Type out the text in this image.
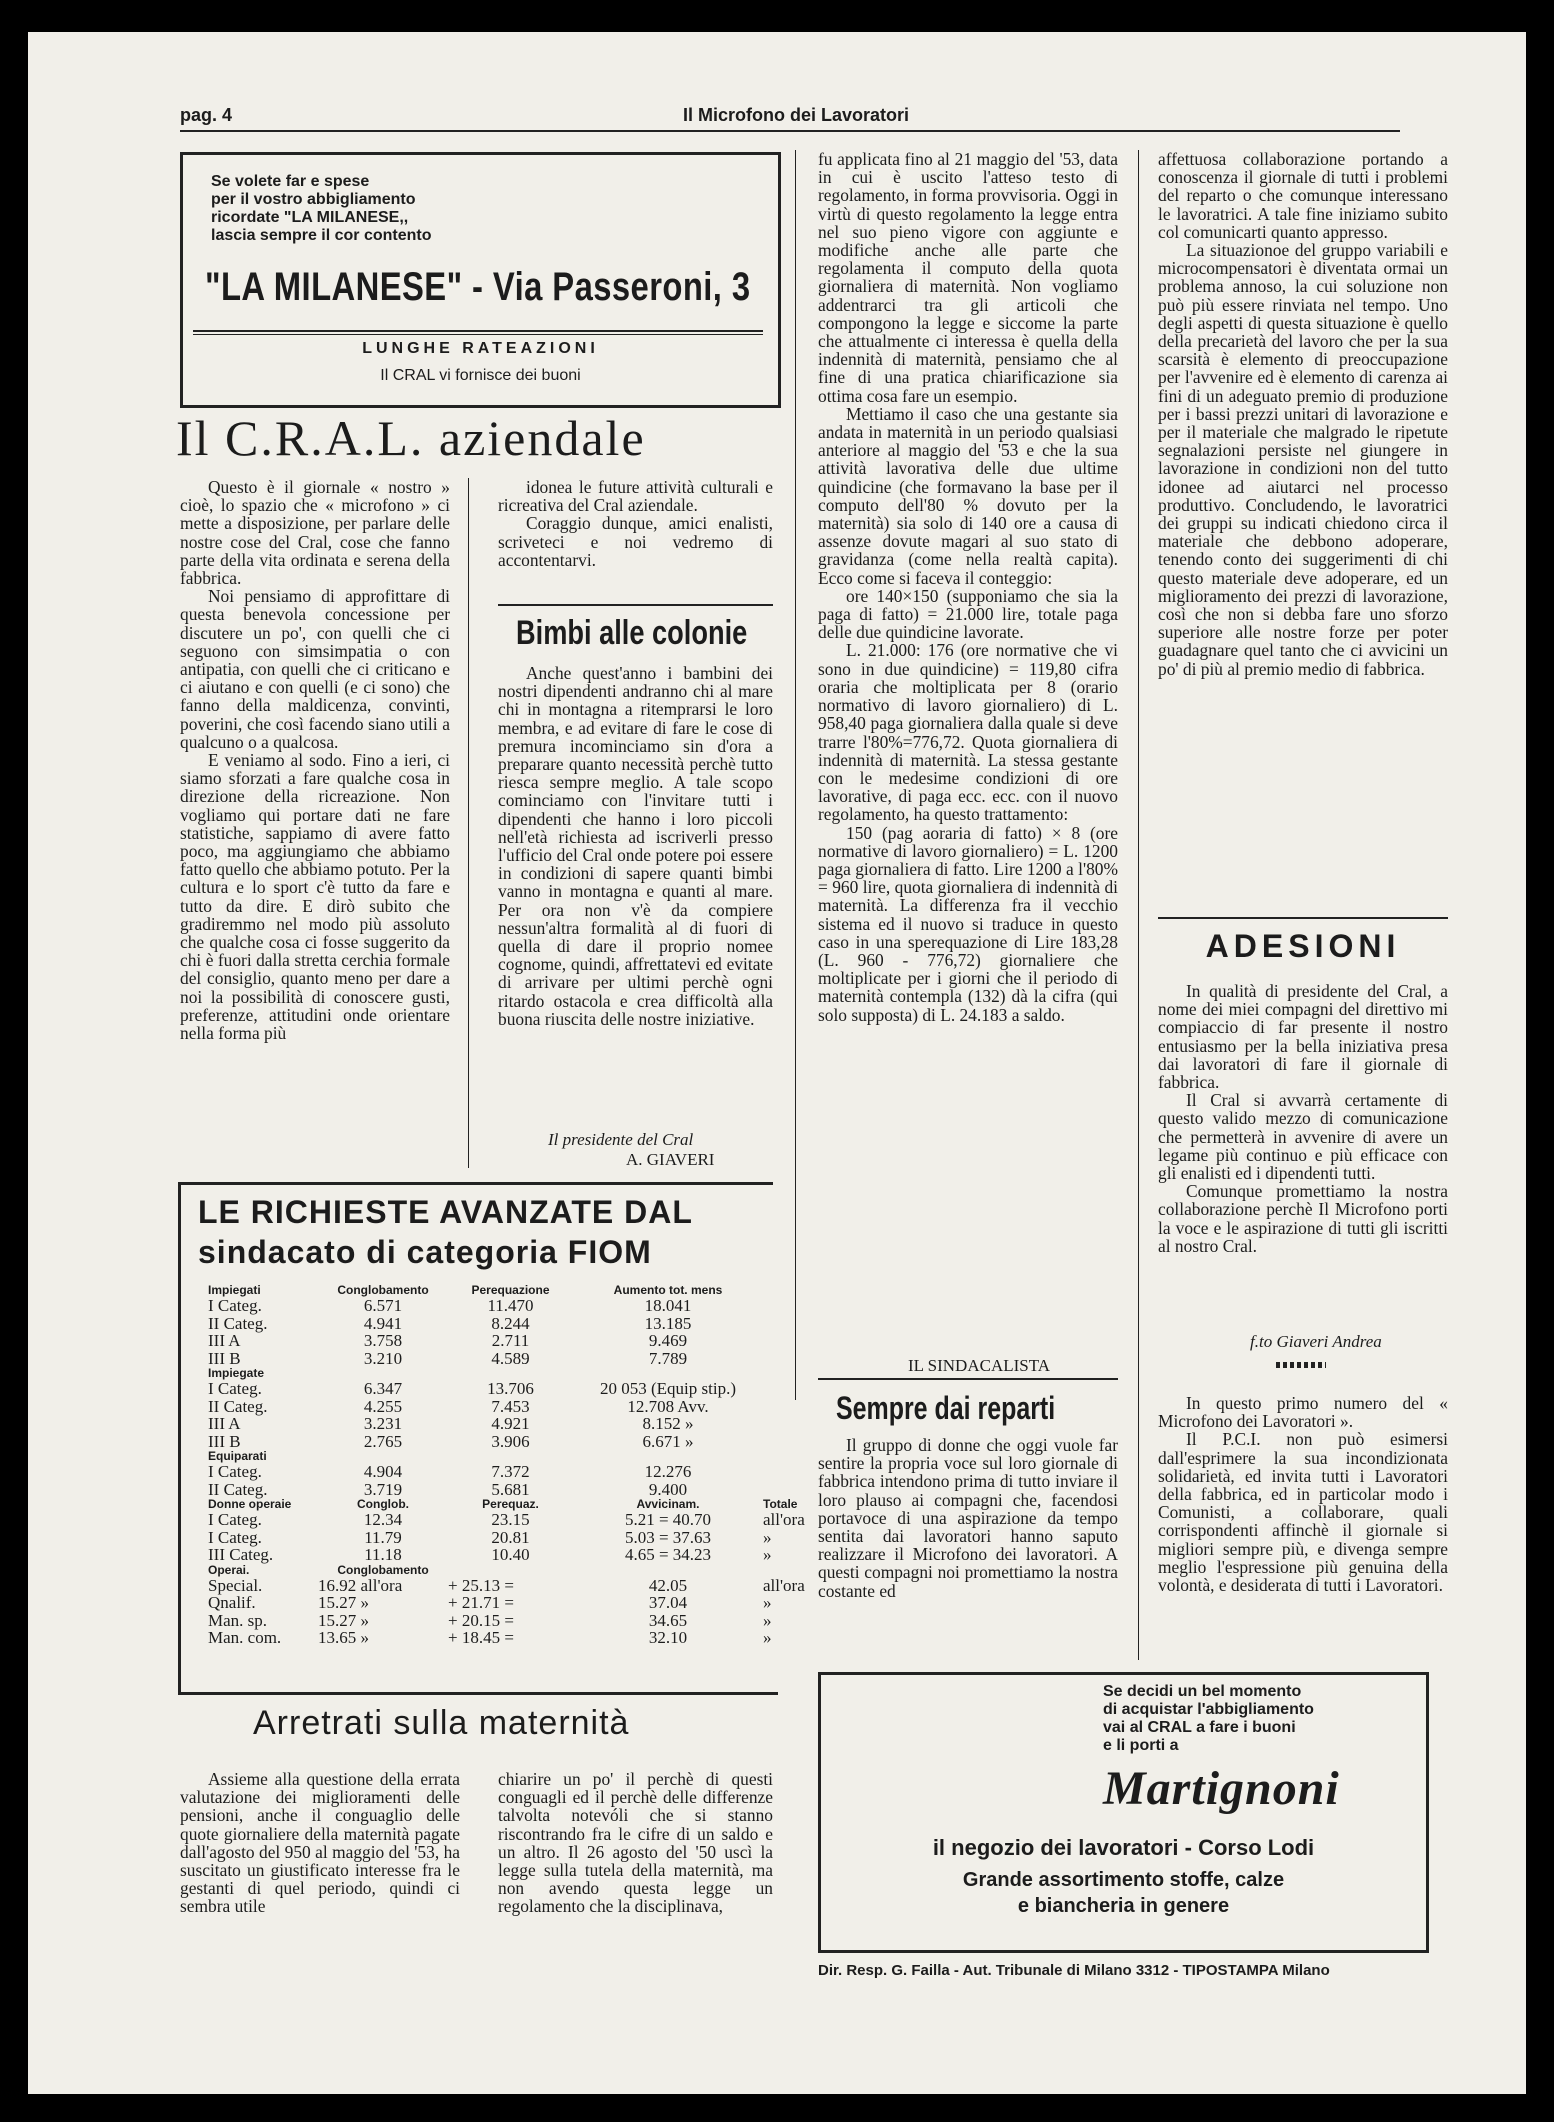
pag. 4	Il Microfono dei Lavoratori
Se volete far e spese
per il vostro abbigliamento
ricordate "LA MILANESE,,
lascia sempre il cor contento
"LA MILANESE" - Via Passeroni, 3
LUNGHE RATEAZIONI
Il CRAL vi fornisce dei buoni
Il C.R.A.L. aziendale

Questo è il giornale « nostro » cioè, lo spazio che « microfono » ci mette a disposizione, per parlare delle nostre cose del Cral, cose che fanno parte della vita ordinata e serena della fabbrica.

Noi pensiamo di approfittare di questa benevola concessione per discutere un po', con quelli che ci seguono con simsimpatia o con antipatia, con quelli che ci criticano e ci aiutano e con quelli (e ci sono) che fanno della maldicenza, convinti, poverini, che così facendo siano utili a qualcuno o a qualcosa.

E veniamo al sodo. Fino a ieri, ci siamo sforzati a fare qualche cosa in direzione della ricreazione. Non vogliamo qui portare dati ne fare statistiche, sappiamo di avere fatto poco, ma aggiungiamo che abbiamo fatto quello che abbiamo potuto. Per la cultura e lo sport c'è tutto da fare e tutto da dire. E dirò subito che gradiremmo nel modo più assoluto che qualche cosa ci fosse suggerito da chi è fuori dalla stretta cerchia formale del consiglio, quanto meno per dare a noi la possibilità di conoscere gusti, preferenze, attitudini onde orientare nella forma più

idonea le future attività culturali e ricreativa del Cral aziendale.

Coraggio dunque, amici enalisti, scriveteci e noi vedremo di accontentarvi.

Bimbi alle colonie

Anche quest'anno i bambini dei nostri dipendenti andranno chi al mare chi in montagna a ritemprarsi le loro membra, e ad evitare di fare le cose di premura incominciamo sin d'ora a preparare quanto necessità perchè tutto riesca sempre meglio. A tale scopo cominciamo con l'invitare tutti i dipendenti che hanno i loro piccoli nell'età richiesta ad iscriverli presso l'ufficio del Cral onde potere poi essere in condizioni di sapere quanti bimbi vanno in montagna e quanti al mare. Per ora non v'è da compiere nessun'altra formalità al di fuori di quella di dare il proprio nomee cognome, quindi, affrettatevi ed evitate di arrivare per ultimi perchè ogni ritardo ostacola e crea difficoltà alla buona riuscita delle nostre iniziative.

Il presidente del Cral
A. GIAVERI
LE RICHIESTE AVANZATE DAL
sindacato di categoria FIOM
Impiegati	Conglobamento	Perequazione	Aumento tot. mens	
I Categ.	6.571	11.470	18.041	
II Categ.	4.941	8.244	13.185	
III A	3.758	2.711	9.469	
III B	3.210	4.589	7.789	
Impiegate				
I Categ.	6.347	13.706	20 053 (Equip stip.)	
II Categ.	4.255	7.453	12.708 Avv.	
III A	3.231	4.921	8.152 »	
III B	2.765	3.906	6.671 »	
Equiparati				
I Categ.	4.904	7.372	12.276	
II Categ.	3.719	5.681	9.400	
Donne operaie	Conglob.	Perequaz.	Avvicinam.	Totale
I Categ.	12.34	23.15	5.21 = 40.70	all'ora
I Categ.	11.79	20.81	5.03 = 37.63	»
III Categ.	11.18	10.40	4.65 = 34.23	»
Operai.	Conglobamento			
Special.	16.92 all'ora	+ 25.13 =	42.05	all'ora
Qnalif.	15.27 »	+ 21.71 =	37.04	»
Man. sp.	15.27 »	+ 20.15 =	34.65	»
Man. com.	13.65 »	+ 18.45 =	32.10	»
Arretrati sulla maternità

Assieme alla questione della errata valutazione dei miglioramenti delle pensioni, anche il conguaglio delle quote giornaliere della maternità pagate dall'agosto del 950 al maggio del '53, ha suscitato un giustificato interesse fra le gestanti di quel periodo, quindi ci sembra utile

chiarire un po' il perchè di questi conguagli ed il perchè delle differenze talvolta notevóli che si stanno riscontrando fra le cifre di un saldo e un altro. Il 26 agosto del '50 uscì la legge sulla tutela della maternità, ma non avendo questa legge un regolamento che la disciplinava,

fu applicata fino al 21 maggio del '53, data in cui è uscito l'atteso testo di regolamento, in forma provvisoria. Oggi in virtù di questo regolamento la legge entra nel suo pieno vigore con aggiunte e modifiche anche alle parte che regolamenta il computo della quota giornaliera di maternità. Non vogliamo addentrarci tra gli articoli che compongono la legge e siccome la parte che attualmente ci interessa è quella della indennità di maternità, pensiamo che al fine di una pratica chiarificazione sia ottima cosa fare un esempio.

Mettiamo il caso che una gestante sia andata in maternità in un periodo qualsiasi anteriore al maggio del '53 e che la sua attività lavorativa delle due ultime quindicine (che formavano la base per il computo dell'80 % dovuto per la maternità) sia solo di 140 ore a causa di assenze dovute magari al suo stato di gravidanza (come nella realtà capita). Ecco come si faceva il conteggio:

ore 140×150 (supponiamo che sia la paga di fatto) = 21.000 lire, totale paga delle due quindicine lavorate.

L. 21.000: 176 (ore normative che vi sono in due quindicine) = 119,80 cifra oraria che moltiplicata per 8 (orario normativo di lavoro giornaliero) di L. 958,40 paga giornaliera dalla quale si deve trarre l'80%=776,72. Quota giornaliera di indennità di maternità. La stessa gestante con le medesime condizioni di ore lavorative, di paga ecc. ecc. con il nuovo regolamento, ha questo trattamento:

150 (pag aoraria di fatto) × 8 (ore normative di lavoro giornaliero) = L. 1200 paga giornaliera di fatto. Lire 1200 a l'80% = 960 lire, quota giornaliera di indennità di maternità. La differenza fra il vecchio sistema ed il nuovo si traduce in questo caso in una sperequazione di Lire 183,28 (L. 960 - 776,72) giornaliere che moltiplicate per i giorni che il periodo di maternità contempla (132) dà la cifra (qui solo supposta) di L. 24.183 a saldo.

IL SINDACALISTA
Sempre dai reparti

Il gruppo di donne che oggi vuole far sentire la propria voce sul loro giornale di fabbrica intendono prima di tutto inviare il loro plauso ai compagni che, facendosi portavoce di una aspirazione da tempo sentita dai lavoratori hanno saputo realizzare il Microfono dei lavoratori. A questi compagni noi promettiamo la nostra costante ed

affettuosa collaborazione portando a conoscenza il giornale di tutti i problemi del reparto o che comunque interessano le lavoratrici. A tale fine iniziamo subito col comunicarti quanto appresso.

La situazionoe del gruppo variabili e microcompensatori è diventata ormai un problema annoso, la cui soluzione non può più essere rinviata nel tempo. Uno degli aspetti di questa situazione è quello della precarietà del lavoro che per la sua scarsità è elemento di preoccupazione per l'avvenire ed è elemento di carenza ai fini di un adeguato premio di produzione per i bassi prezzi unitari di lavorazione e per il materiale che malgrado le ripetute segnalazioni persiste nel giungere in lavorazione in condizioni non del tutto idonee ad aiutarci nel processo produttivo. Concludendo, le lavoratrici dei gruppi su indicati chiedono circa il materiale che debbono adoperare, tenendo conto dei suggerimenti di chi questo materiale deve adoperare, ed un miglioramento dei prezzi di lavorazione, così che non si debba fare uno sforzo superiore alle nostre forze per poter guadagnare quel tanto che ci avvicini un po' di più al premio medio di fabbrica.

ADESIONI

In qualità di presidente del Cral, a nome dei miei compagni del direttivo mi compiaccio di far presente il nostro entusiasmo per la bella iniziativa presa dai lavoratori di fare il giornale di fabbrica.

Il Cral si avvarrà certamente di questo valido mezzo di comunicazione che permetterà in avvenire di avere un legame più continuo e più efficace con gli enalisti ed i dipendenti tutti.

Comunque promettiamo la nostra collaborazione perchè Il Microfono porti la voce e le aspirazione di tutti gli iscritti al nostro Cral.

f.to Giaveri Andrea

In questo primo numero del « Microfono dei Lavoratori ».

Il P.C.I. non può esimersi dall'esprimere la sua incondizionata solidarietà, ed invita tutti i Lavoratori della fabbrica, ed in particolar modo i Comunisti, a collaborare, quali corrispondenti affinchè il giornale si migliori sempre più, e divenga sempre meglio l'espressione più genuina della volontà, e desiderata di tutti i Lavoratori.

Se decidi un bel momento
di acquistar l'abbigliamento
vai al CRAL a fare i buoni
e li porti a
Martignoni
il negozio dei lavoratori - Corso Lodi
Grande assortimento stoffe, calze
e biancheria in genere
Dir. Resp. G. Failla - Aut. Tribunale di Milano 3312 - TIPOSTAMPA Milano
